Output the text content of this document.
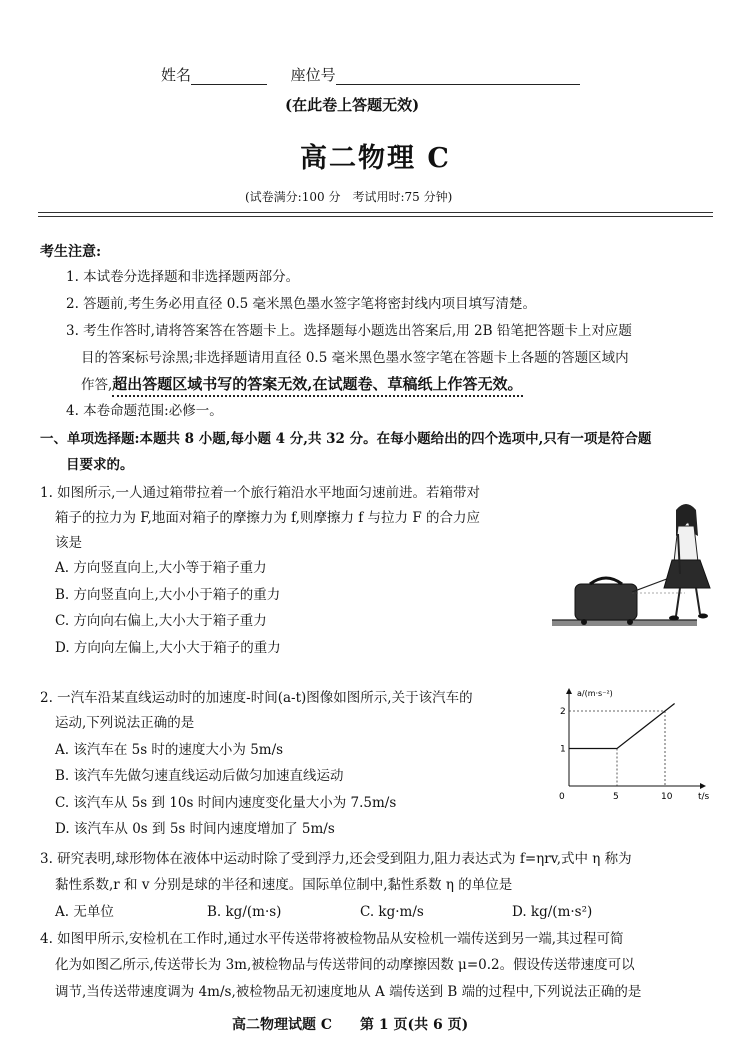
姓名	座位号
(在此卷上答题无效)
高二物理 C
(试卷满分:100 分　考试用时:75 分钟)
考生注意:
1. 本试卷分选择题和非选择题两部分。
2. 答题前,考生务必用直径 0.5 毫米黑色墨水签字笔将密封线内项目填写清楚。
3. 考生作答时,请将答案答在答题卡上。选择题每小题选出答案后,用 2B 铅笔把答题卡上对应题
目的答案标号涂黑;非选择题请用直径 0.5 毫米黑色墨水签字笔在答题卡上各题的答题区域内
作答,超出答题区域书写的答案无效,在试题卷、草稿纸上作答无效。
4. 本卷命题范围:必修一。
一、单项选择题:本题共 8 小题,每小题 4 分,共 32 分。在每小题给出的四个选项中,只有一项是符合题
目要求的。
1. 如图所示,一人通过箱带拉着一个旅行箱沿水平地面匀速前进。若箱带对
箱子的拉力为 F,地面对箱子的摩擦力为 f,则摩擦力 f 与拉力 F 的合力应
该是
A. 方向竖直向上,大小等于箱子重力
B. 方向竖直向上,大小小于箱子的重力
C. 方向向右偏上,大小大于箱子重力
D. 方向向左偏上,大小大于箱子的重力
2. 一汽车沿某直线运动时的加速度-时间(a-t)图像如图所示,关于该汽车的
运动,下列说法正确的是
A. 该汽车在 5s 时的速度大小为 5m/s
B. 该汽车先做匀速直线运动后做匀加速直线运动
C. 该汽车从 5s 到 10s 时间内速度变化量大小为 7.5m/s
D. 该汽车从 0s 到 5s 时间内速度增加了 5m/s
a/(m·s⁻²)
t/s
0	5	10
1
2
3. 研究表明,球形物体在液体中运动时除了受到浮力,还会受到阻力,阻力表达式为 f=ηrv,式中 η 称为
黏性系数,r 和 v 分别是球的半径和速度。国际单位制中,黏性系数 η 的单位是
A. 无单位	B. kg/(m·s)	C. kg·m/s	D. kg/(m·s²)
4. 如图甲所示,安检机在工作时,通过水平传送带将被检物品从安检机一端传送到另一端,其过程可简
化为如图乙所示,传送带长为 3m,被检物品与传送带间的动摩擦因数 μ=0.2。假设传送带速度可以
调节,当传送带速度调为 4m/s,被检物品无初速度地从 A 端传送到 B 端的过程中,下列说法正确的是
高二物理试题 C　　第 1 页(共 6 页)
